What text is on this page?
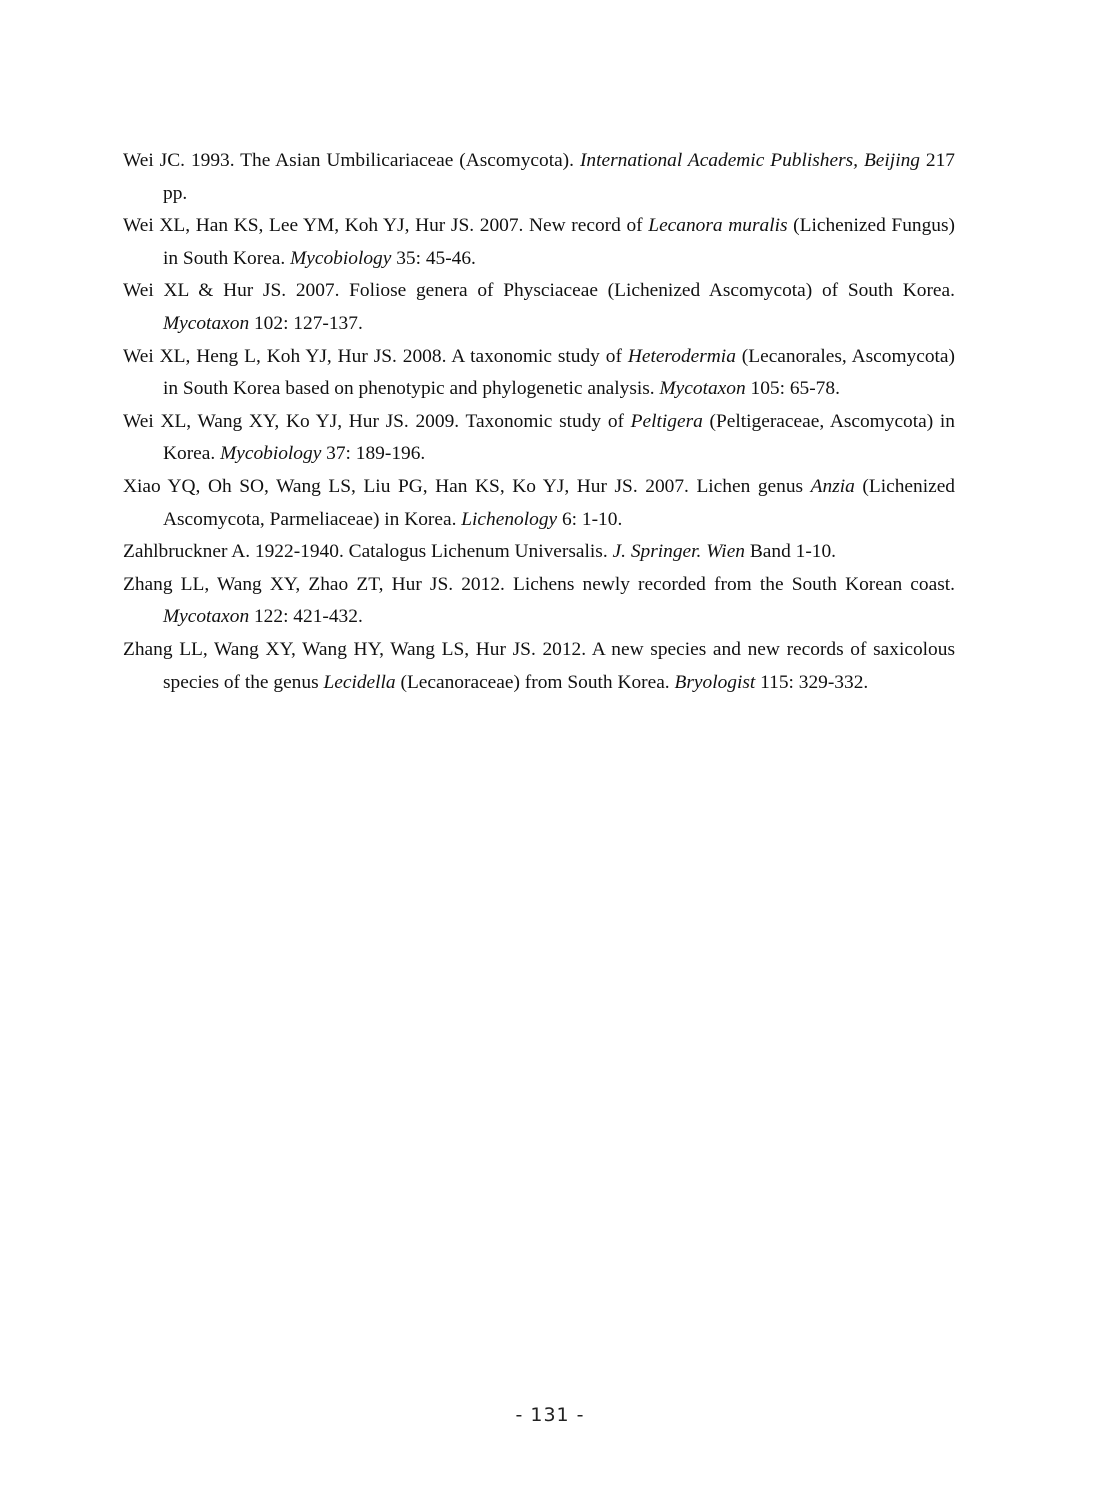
Wei JC. 1993. The Asian Umbilicariaceae (Ascomycota). International Academic Publishers, Beijing 217 pp.
Wei XL, Han KS, Lee YM, Koh YJ, Hur JS. 2007. New record of Lecanora muralis (Lichenized Fungus) in South Korea. Mycobiology 35: 45-46.
Wei XL & Hur JS. 2007. Foliose genera of Physciaceae (Lichenized Ascomycota) of South Korea. Mycotaxon 102: 127-137.
Wei XL, Heng L, Koh YJ, Hur JS. 2008. A taxonomic study of Heterodermia (Lecanorales, Ascomycota) in South Korea based on phenotypic and phylogenetic analysis. Mycotaxon 105: 65-78.
Wei XL, Wang XY, Ko YJ, Hur JS. 2009. Taxonomic study of Peltigera (Peltigeraceae, Ascomycota) in Korea. Mycobiology 37: 189-196.
Xiao YQ, Oh SO, Wang LS, Liu PG, Han KS, Ko YJ, Hur JS. 2007. Lichen genus Anzia (Lichenized Ascomycota, Parmeliaceae) in Korea. Lichenology 6: 1-10.
Zahlbruckner A. 1922-1940. Catalogus Lichenum Universalis. J. Springer. Wien Band 1-10.
Zhang LL, Wang XY, Zhao ZT, Hur JS. 2012. Lichens newly recorded from the South Korean coast. Mycotaxon 122: 421-432.
Zhang LL, Wang XY, Wang HY, Wang LS, Hur JS. 2012. A new species and new records of saxicolous species of the genus Lecidella (Lecanoraceae) from South Korea. Bryologist 115: 329-332.
- 131 -
